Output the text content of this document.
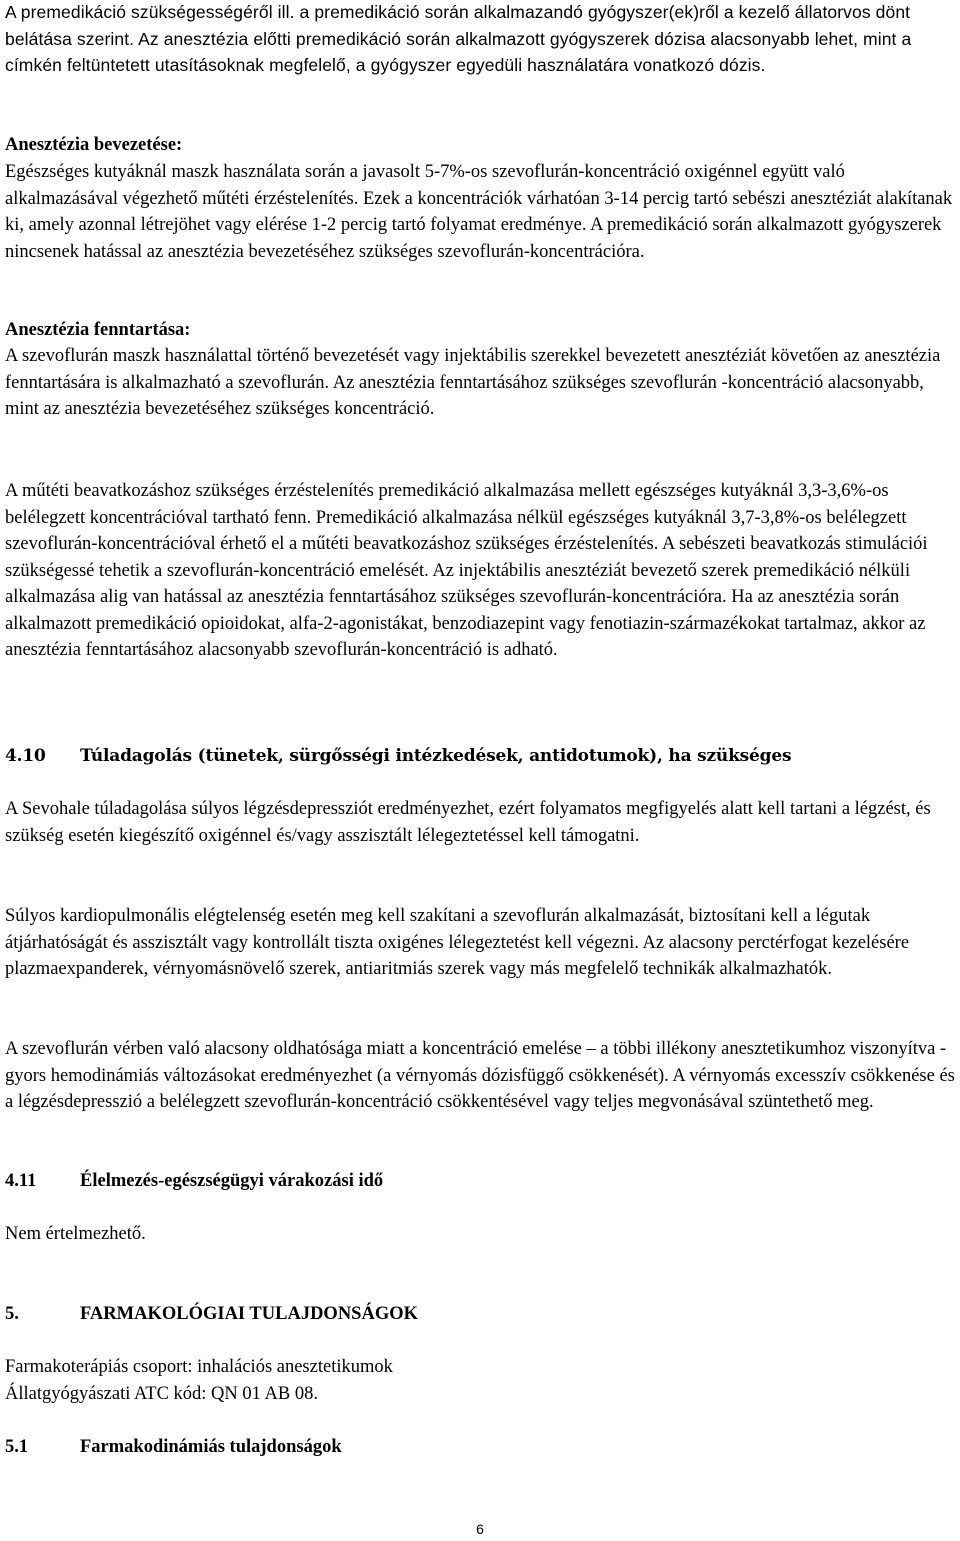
A premedikáció szükségességéről ill. a premedikáció során alkalmazandó gyógyszer(ek)ről a kezelő állatorvos dönt belátása szerint. Az anesztézia előtti premedikáció során alkalmazott gyógyszerek dózisa alacsonyabb lehet, mint a címkén feltüntetett utasításoknak megfelelő, a gyógyszer egyedüli használatára vonatkozó dózis.

Anesztézia bevezetése:

Egészséges kutyáknál maszk használata során a javasolt 5-7%-os szevoflurán-koncentráció oxigénnel együtt való alkalmazásával végezhető műtéti érzéstelenítés. Ezek a koncentrációk várhatóan 3-14 percig tartó sebészi anesztéziát alakítanak ki, amely azonnal létrejöhet vagy elérése 1-2 percig tartó folyamat eredménye. A premedikáció során alkalmazott gyógyszerek nincsenek hatással az anesztézia bevezetéséhez szükséges szevoflurán-koncentrációra.

Anesztézia fenntartása:

A szevoflurán maszk használattal történő bevezetését vagy injektábilis szerekkel bevezetett anesztéziát követően az anesztézia fenntartására is alkalmazható a szevoflurán. Az anesztézia fenntartásához szükséges szevoflurán -koncentráció alacsonyabb, mint az anesztézia bevezetéséhez szükséges koncentráció.

A műtéti beavatkozáshoz szükséges érzéstelenítés premedikáció alkalmazása mellett egészséges kutyáknál 3,3-3,6%-os belélegzett koncentrációval tartható fenn. Premedikáció alkalmazása nélkül egészséges kutyáknál 3,7-3,8%-os belélegzett szevoflurán-koncentrációval érhető el a műtéti beavatkozáshoz szükséges érzéstelenítés. A sebészeti beavatkozás stimulációi szükségessé tehetik a szevoflurán-koncentráció emelését. Az injektábilis anesztéziát bevezető szerek premedikáció nélküli alkalmazása alig van hatással az anesztézia fenntartásához szükséges szevoflurán-koncentrációra. Ha az anesztézia során alkalmazott premedikáció opioidokat, alfa-2-agonistákat, benzodiazepint vagy fenotiazin-származékokat tartalmaz, akkor az anesztézia fenntartásához alacsonyabb szevoflurán-koncentráció is adható.

4.10	Túladagolás (tünetek, sürgősségi intézkedések, antidotumok), ha szükséges

A Sevohale túladagolása súlyos légzésdepressziót eredményezhet, ezért folyamatos megfigyelés alatt kell tartani a légzést, és szükség esetén kiegészítő oxigénnel és/vagy asszisztált lélegeztetéssel kell támogatni.

Súlyos kardiopulmonális elégtelenség esetén meg kell szakítani a szevoflurán alkalmazását, biztosítani kell a légutak átjárhatóságát és asszisztált vagy kontrollált tiszta oxigénes lélegeztetést kell végezni. Az alacsony perctérfogat kezelésére plazmaexpanderek, vérnyomásnövelő szerek, antiaritmiás szerek vagy más megfelelő technikák alkalmazhatók.

A szevoflurán vérben való alacsony oldhatósága miatt a koncentráció emelése – a többi illékony anesztetikumhoz viszonyítva - gyors hemodinámiás változásokat eredményezhet (a vérnyomás dózisfüggő csökkenését). A vérnyomás excesszív csökkenése és a légzésdepresszió a belélegzett szevoflurán-koncentráció csökkentésével vagy teljes megvonásával szüntethető meg.

4.11	Élelmezés-egészségügyi várakozási idő

Nem értelmezhető.

5.	FARMAKOLÓGIAI TULAJDONSÁGOK

Farmakoterápiás csoport: inhalációs anesztetikumok

Állatgyógyászati ATC kód: QN 01 AB 08.

5.1	Farmakodinámiás tulajdonságok
6
